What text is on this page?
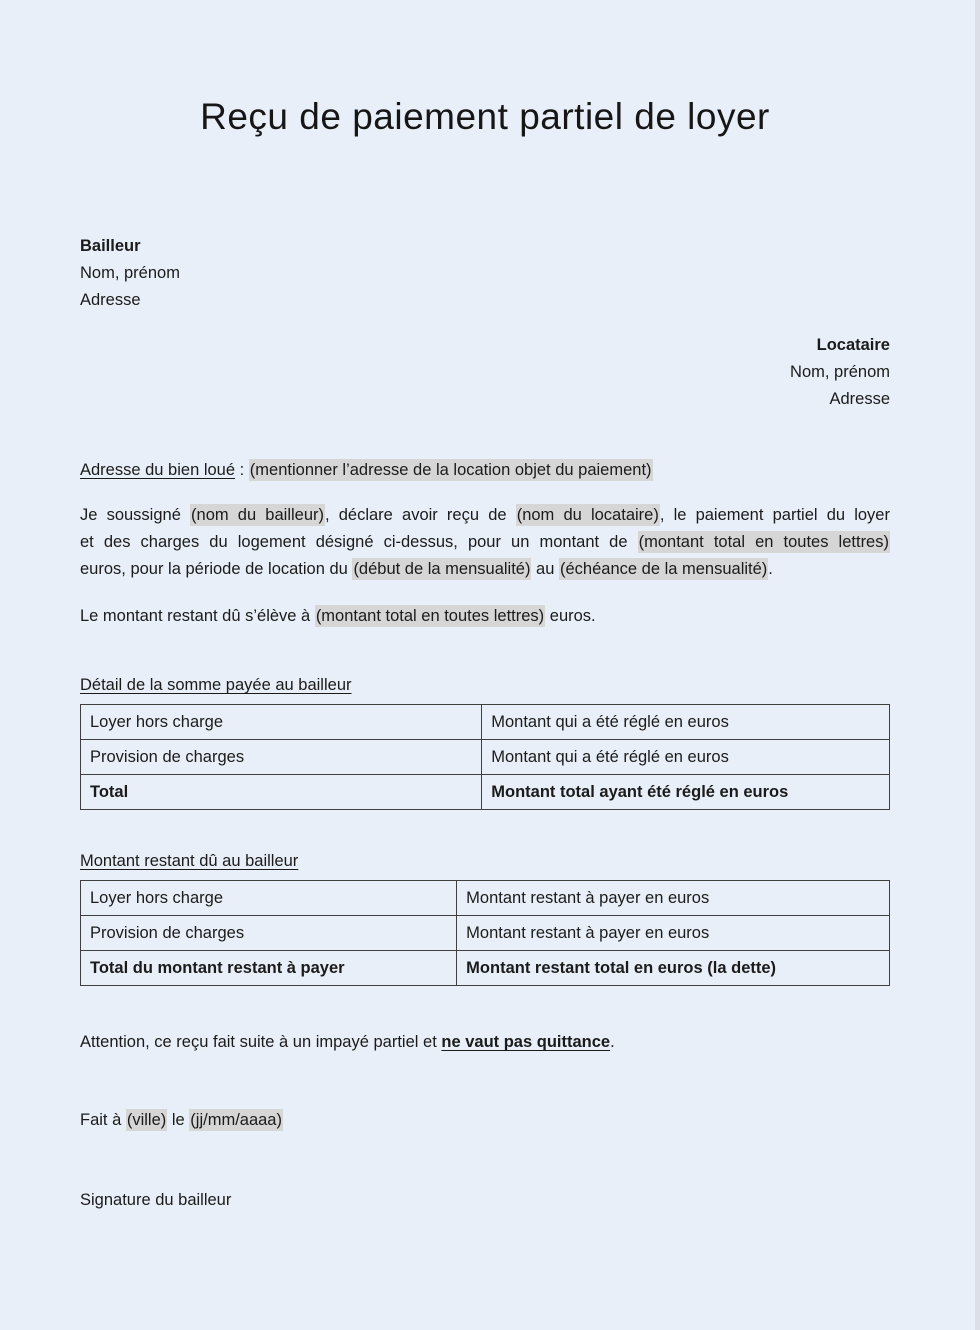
Reçu de paiement partiel de loyer
Bailleur
Nom, prénom
Adresse
Locataire
Nom, prénom
Adresse

Adresse du bien loué : (mentionner l’adresse de la location objet du paiement)

Je soussigné (nom du bailleur), déclare avoir reçu de (nom du locataire), le paiement partiel du loyer
et des charges du logement désigné ci-dessus, pour un montant de (montant total en toutes lettres)
euros, pour la période de location du (début de la mensualité) au (échéance de la mensualité).

Le montant restant dû s’élève à (montant total en toutes lettres) euros.

Détail de la somme payée au bailleur
Loyer hors charge	Montant qui a été réglé en euros
Provision de charges	Montant qui a été réglé en euros
Total	Montant total ayant été réglé en euros
Montant restant dû au bailleur
Loyer hors charge	Montant restant à payer en euros
Provision de charges	Montant restant à payer en euros
Total du montant restant à payer	Montant restant total en euros (la dette)

Attention, ce reçu fait suite à un impayé partiel et ne vaut pas quittance.

Fait à (ville) le (jj/mm/aaaa)

Signature du bailleur
